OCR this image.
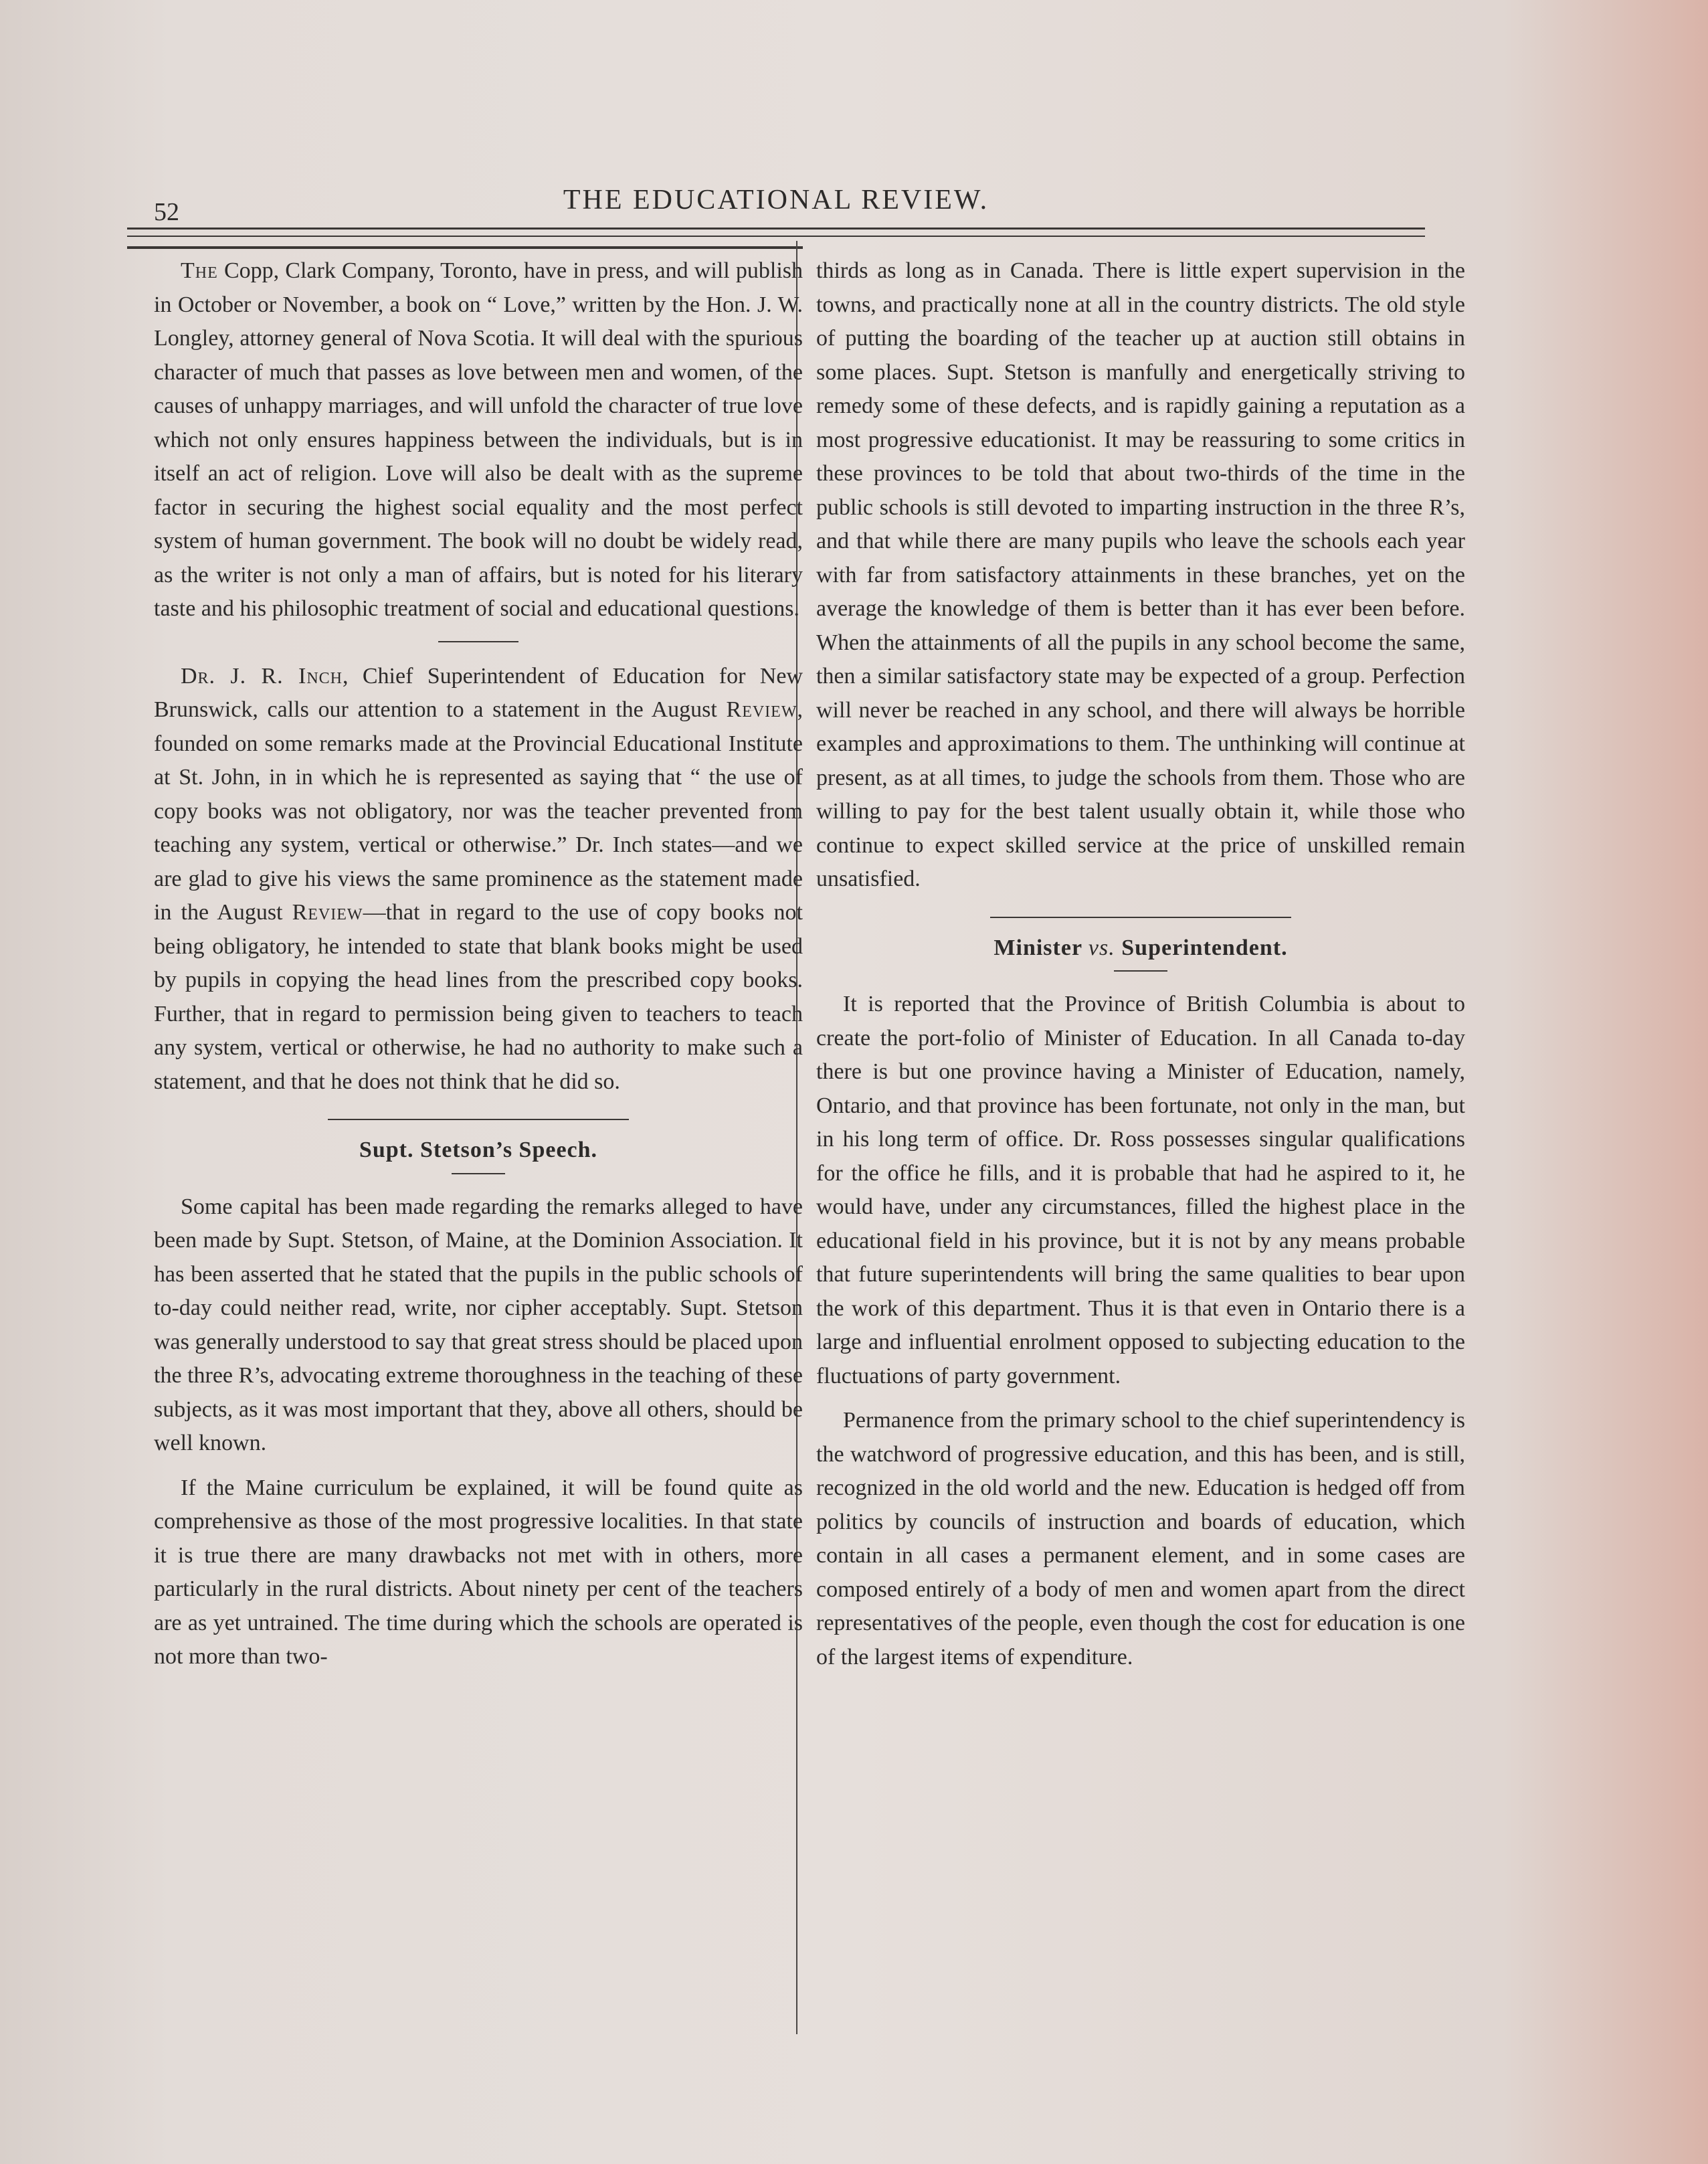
52	THE EDUCATIONAL REVIEW.

The Copp, Clark Company, Toronto, have in press, and will publish in October or November, a book on “ Love,” written by the Hon. J. W. Longley, attorney general of Nova Scotia. It will deal with the spurious character of much that passes as love between men and women, of the causes of unhappy marriages, and will unfold the character of true love which not only ensures happiness between the individuals, but is in itself an act of religion. Love will also be dealt with as the supreme factor in securing the highest social equality and the most perfect system of human government. The book will no doubt be widely read, as the writer is not only a man of affairs, but is noted for his literary taste and his philosophic treatment of social and educational questions.

Dr. J. R. Inch, Chief Superintendent of Education for New Brunswick, calls our attention to a statement in the August Review, founded on some remarks made at the Provincial Educational Institute at St. John, in in which he is represented as saying that “ the use of copy books was not obligatory, nor was the teacher prevented from teaching any system, vertical or otherwise.” Dr. Inch states—and we are glad to give his views the same prominence as the statement made in the August Review—that in regard to the use of copy books not being obligatory, he intended to state that blank books might be used by pupils in copying the head lines from the prescribed copy books. Further, that in regard to permission being given to teachers to teach any system, vertical or otherwise, he had no authority to make such a statement, and that he does not think that he did so.

Supt. Stetson’s Speech.

Some capital has been made regarding the remarks alleged to have been made by Supt. Stetson, of Maine, at the Dominion Association. It has been asserted that he stated that the pupils in the public schools of to-day could neither read, write, nor cipher acceptably. Supt. Stetson was generally understood to say that great stress should be placed upon the three R’s, advocating extreme thoroughness in the teaching of these subjects, as it was most important that they, above all others, should be well known.

If the Maine curriculum be explained, it will be found quite as comprehensive as those of the most progressive localities. In that state it is true there are many drawbacks not met with in others, more particularly in the rural districts. About ninety per cent of the teachers are as yet untrained. The time during which the schools are operated is not more than two-

thirds as long as in Canada. There is little expert supervision in the towns, and practically none at all in the country districts. The old style of putting the boarding of the teacher up at auction still obtains in some places. Supt. Stetson is manfully and energetically striving to remedy some of these defects, and is rapidly gaining a reputation as a most progressive educationist. It may be reassuring to some critics in these provinces to be told that about two-thirds of the time in the public schools is still devoted to imparting instruction in the three R’s, and that while there are many pupils who leave the schools each year with far from satisfactory attainments in these branches, yet on the average the knowledge of them is better than it has ever been before. When the attainments of all the pupils in any school become the same, then a similar satisfactory state may be expected of a group. Perfection will never be reached in any school, and there will always be horrible examples and approximations to them. The unthinking will continue at present, as at all times, to judge the schools from them. Those who are willing to pay for the best talent usually obtain it, while those who continue to expect skilled service at the price of unskilled remain unsatisfied.

Minister vs. Superintendent.

It is reported that the Province of British Columbia is about to create the port-folio of Minister of Education. In all Canada to-day there is but one province having a Minister of Education, namely, Ontario, and that province has been fortunate, not only in the man, but in his long term of office. Dr. Ross possesses singular qualifications for the office he fills, and it is probable that had he aspired to it, he would have, under any circumstances, filled the highest place in the educational field in his province, but it is not by any means probable that future superintendents will bring the same qualities to bear upon the work of this department. Thus it is that even in Ontario there is a large and influential enrolment opposed to subjecting education to the fluctuations of party government.

Permanence from the primary school to the chief superintendency is the watchword of progressive education, and this has been, and is still, recognized in the old world and the new. Education is hedged off from politics by councils of instruction and boards of education, which contain in all cases a permanent element, and in some cases are composed entirely of a body of men and women apart from the direct representatives of the people, even though the cost for education is one of the largest items of expenditure.
